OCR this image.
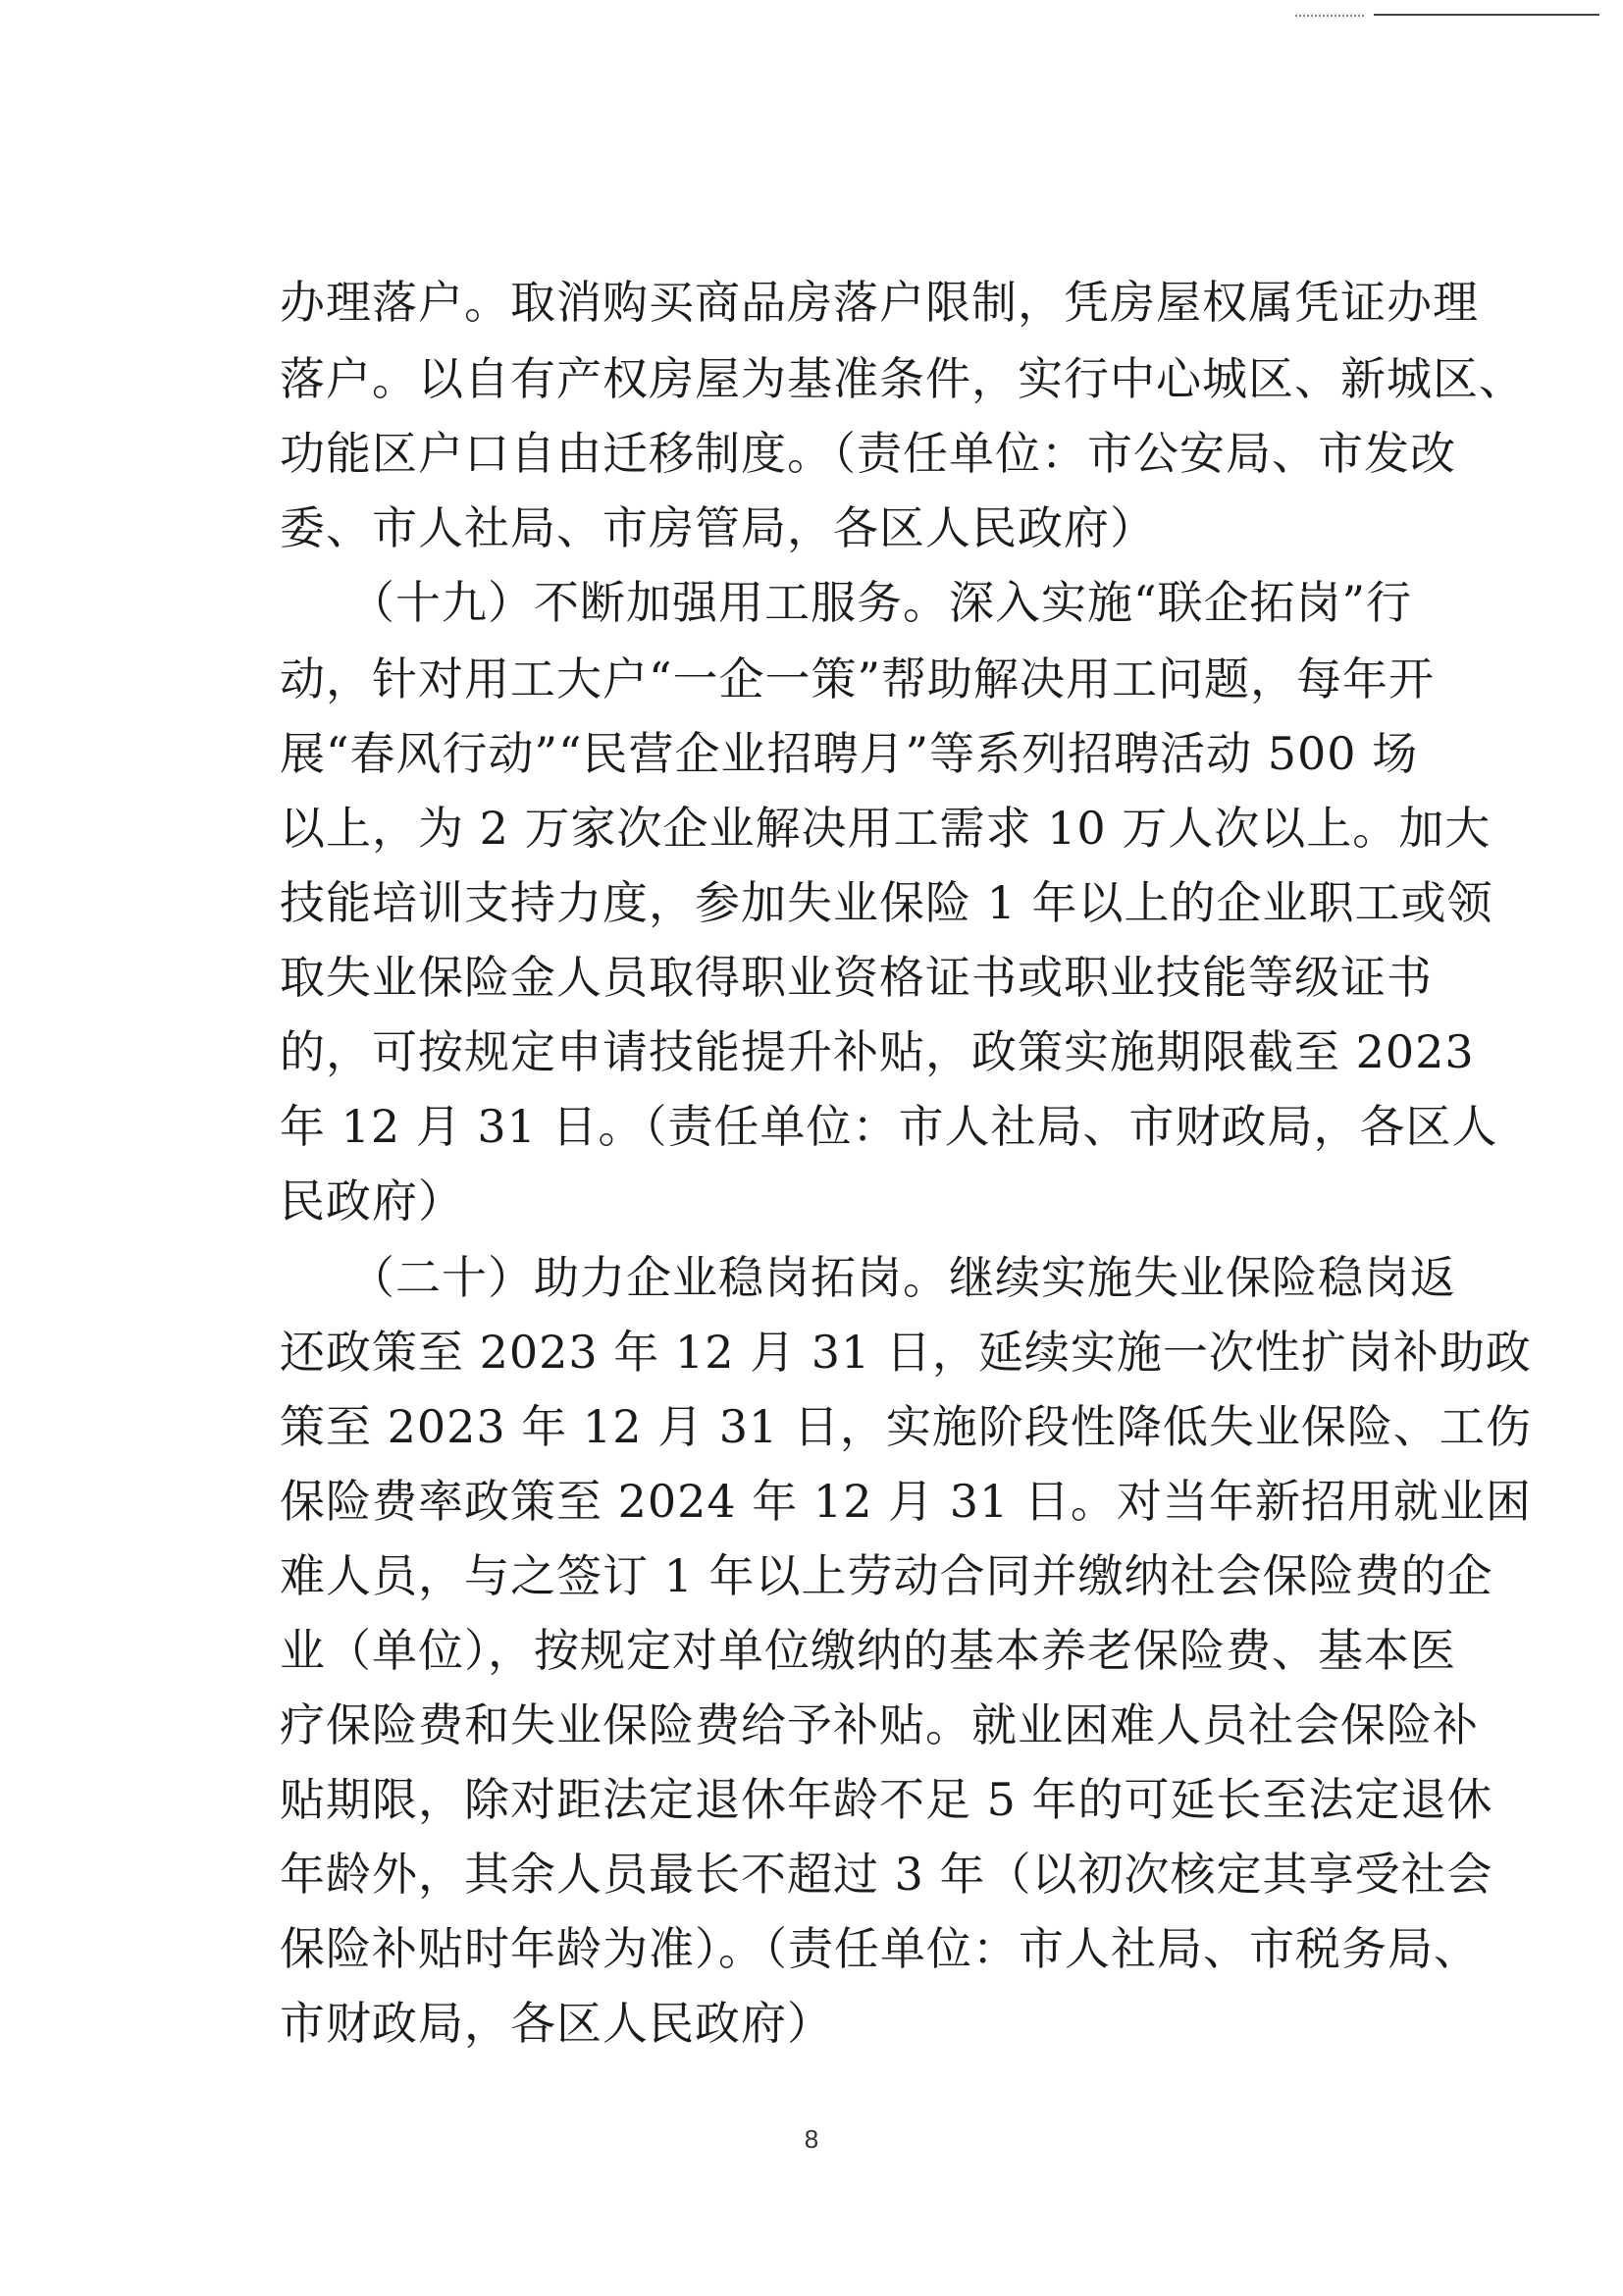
办理落户。取消购买商品房落户限制，凭房屋权属凭证办理
落户。以自有产权房屋为基准条件，实行中心城区、新城区、
功能区户口自由迁移制度。（责任单位：市公安局、市发改
委、市人社局、市房管局，各区人民政府）
　　（十九）不断加强用工服务。深入实施“联企拓岗”行
动，针对用工大户“一企一策”帮助解决用工问题，每年开
展“春风行动”“民营企业招聘月”等系列招聘活动 500 场
以上，为 2 万家次企业解决用工需求 10 万人次以上。加大
技能培训支持力度，参加失业保险 1 年以上的企业职工或领
取失业保险金人员取得职业资格证书或职业技能等级证书
的，可按规定申请技能提升补贴，政策实施期限截至 2023
年 12 月 31 日。（责任单位：市人社局、市财政局，各区人
民政府）
　　（二十）助力企业稳岗拓岗。继续实施失业保险稳岗返
还政策至 2023 年 12 月 31 日，延续实施一次性扩岗补助政
策至 2023 年 12 月 31 日，实施阶段性降低失业保险、工伤
保险费率政策至 2024 年 12 月 31 日。对当年新招用就业困
难人员，与之签订 1 年以上劳动合同并缴纳社会保险费的企
业（单位），按规定对单位缴纳的基本养老保险费、基本医
疗保险费和失业保险费给予补贴。就业困难人员社会保险补
贴期限，除对距法定退休年龄不足 5 年的可延长至法定退休
年龄外，其余人员最长不超过 3 年（以初次核定其享受社会
保险补贴时年龄为准）。（责任单位：市人社局、市税务局、
市财政局，各区人民政府）
8
